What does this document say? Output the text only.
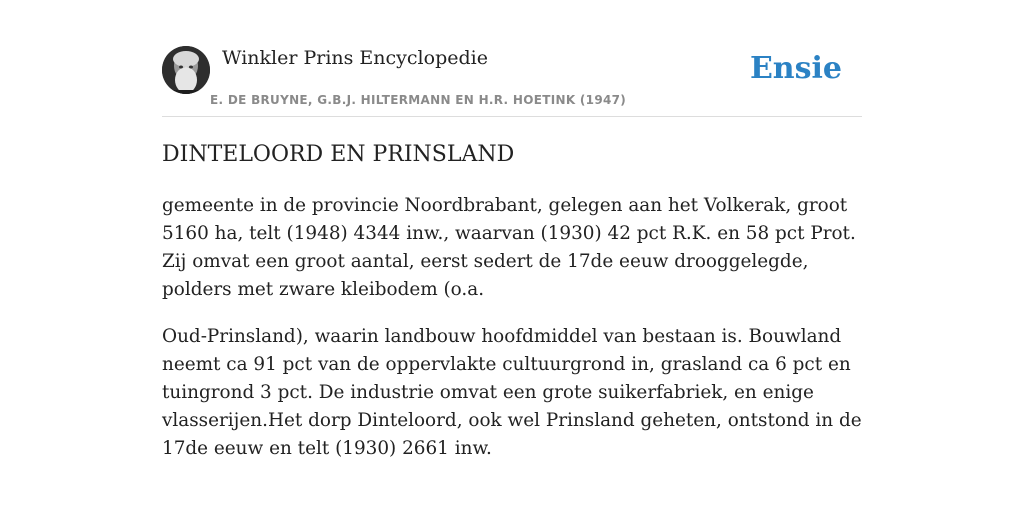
Winkler Prins Encyclopedie
E. DE BRUYNE, G.B.J. HILTERMANN EN H.R. HOETINK (1947)
Ensie
DINTELOORD EN PRINSLAND

gemeente in de provincie Noordbrabant, gelegen aan het Volkerak, groot 5160 ha, telt (1948) 4344 inw., waarvan (1930) 42 pct R.K. en 58 pct Prot. Zij omvat een groot aantal, eerst sedert de 17de eeuw drooggelegde, polders met zware kleibodem (o.a.

Oud-Prinsland), waarin landbouw hoofdmiddel van bestaan is. Bouwland neemt ca 91 pct van de oppervlakte cultuurgrond in, grasland ca 6 pct en tuingrond 3 pct. De industrie omvat een grote suikerfabriek, en enige vlasserijen.Het dorp Dinteloord, ook wel Prinsland geheten, ontstond in de 17de eeuw en telt (1930) 2661 inw.
